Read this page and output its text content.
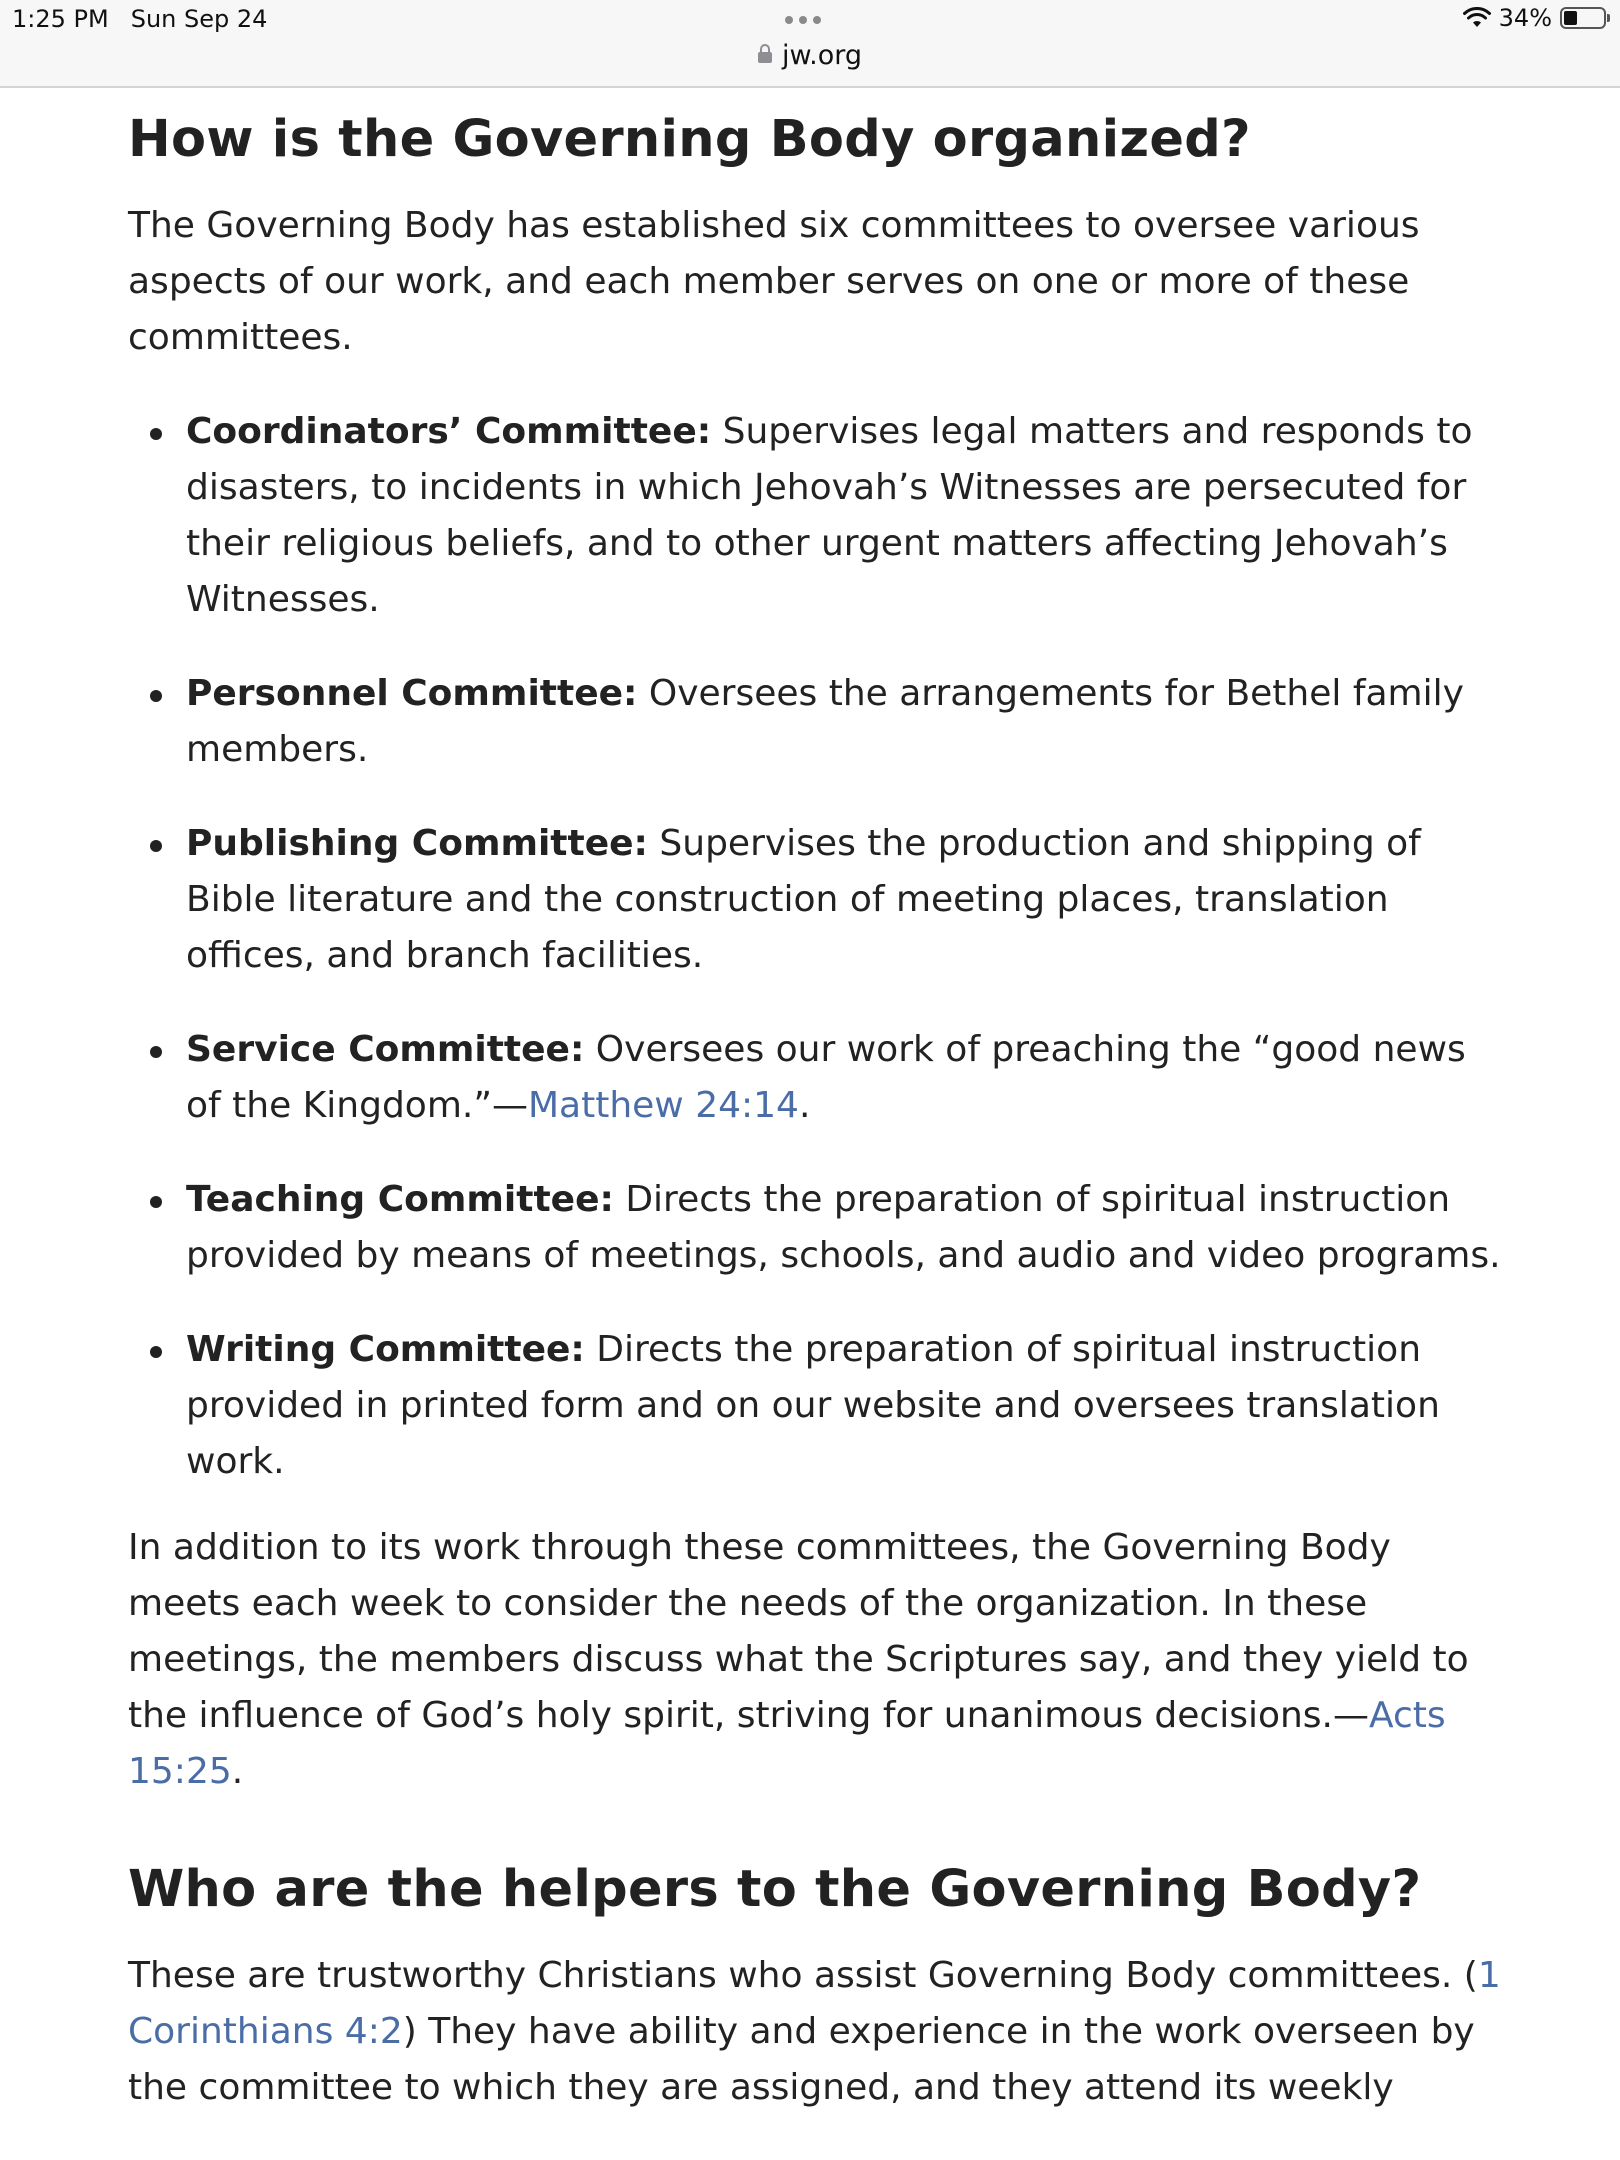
1:25 PM Sun Sep 24
jw.org
34%
How is the Governing Body organized?

The Governing Body has established six committees to oversee various aspects of our work, and each member serves on one or more of these committees.

Coordinators’ Committee: Supervises legal matters and responds to disasters, to incidents in which Jehovah’s Witnesses are persecuted for their religious beliefs, and to other urgent matters affecting Jehovah’s Witnesses.
Personnel Committee: Oversees the arrangements for Bethel family members.
Publishing Committee: Supervises the production and shipping of Bible literature and the construction of meeting places, translation offices, and branch facilities.
Service Committee: Oversees our work of preaching the “good news of the Kingdom.”—Matthew 24:14.
Teaching Committee: Directs the preparation of spiritual instruction provided by means of meetings, schools, and audio and video programs.
Writing Committee: Directs the preparation of spiritual instruction provided in printed form and on our website and oversees translation work.

In addition to its work through these committees, the Governing Body meets each week to consider the needs of the organization. In these meetings, the members discuss what the Scriptures say, and they yield to the influence of God’s holy spirit, striving for unanimous decisions.—Acts 15:25.

Who are the helpers to the Governing Body?

These are trustworthy Christians who assist Governing Body committees. (1 Corinthians 4:2) They have ability and experience in the work overseen by the committee to which they are assigned, and they attend its weekly
